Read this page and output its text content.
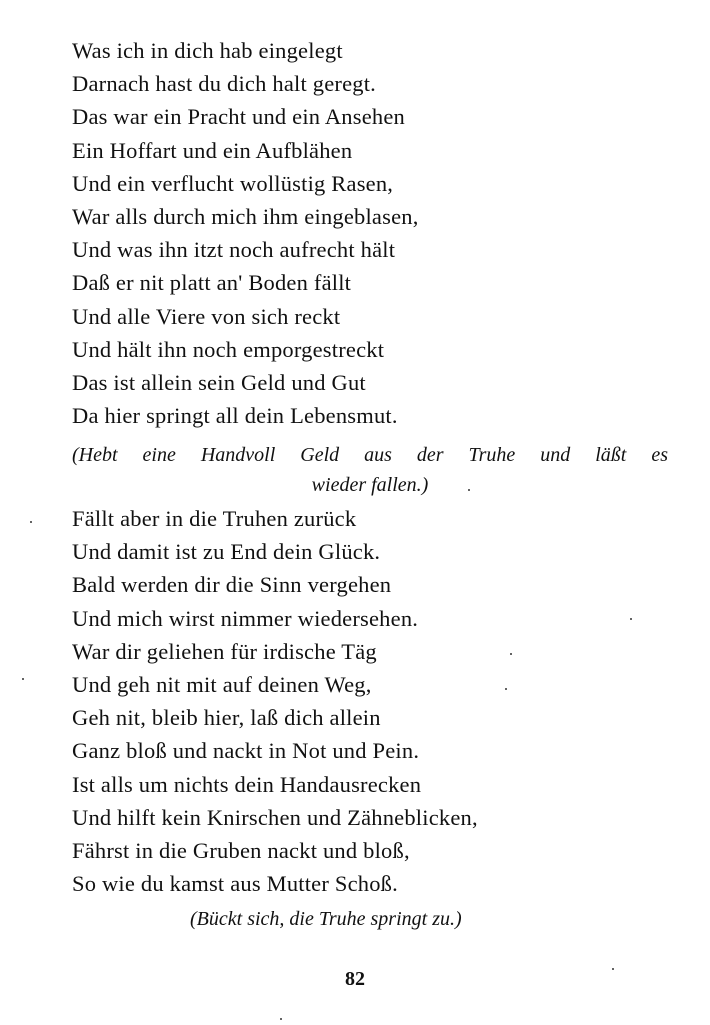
Was ich in dich hab eingelegt
Darnach hast du dich halt geregt.
Das war ein Pracht und ein Ansehen
Ein Hoffart und ein Aufblähen
Und ein verflucht wollüstig Rasen,
War alls durch mich ihm eingeblasen,
Und was ihn itzt noch aufrecht hält
Daß er nit platt an' Boden fällt
Und alle Viere von sich reckt
Und hält ihn noch emporgestreckt
Das ist allein sein Geld und Gut
Da hier springt all dein Lebensmut.
(Hebt eine Handvoll Geld aus der Truhe und läßt es
wieder fallen.)
Fällt aber in die Truhen zurück
Und damit ist zu End dein Glück.
Bald werden dir die Sinn vergehen
Und mich wirst nimmer wiedersehen.
War dir geliehen für irdische Täg
Und geh nit mit auf deinen Weg,
Geh nit, bleib hier, laß dich allein
Ganz bloß und nackt in Not und Pein.
Ist alls um nichts dein Handausrecken
Und hilft kein Knirschen und Zähneblicken,
Fährst in die Gruben nackt und bloß,
So wie du kamst aus Mutter Schoß.
(Bückt sich, die Truhe springt zu.)
82
